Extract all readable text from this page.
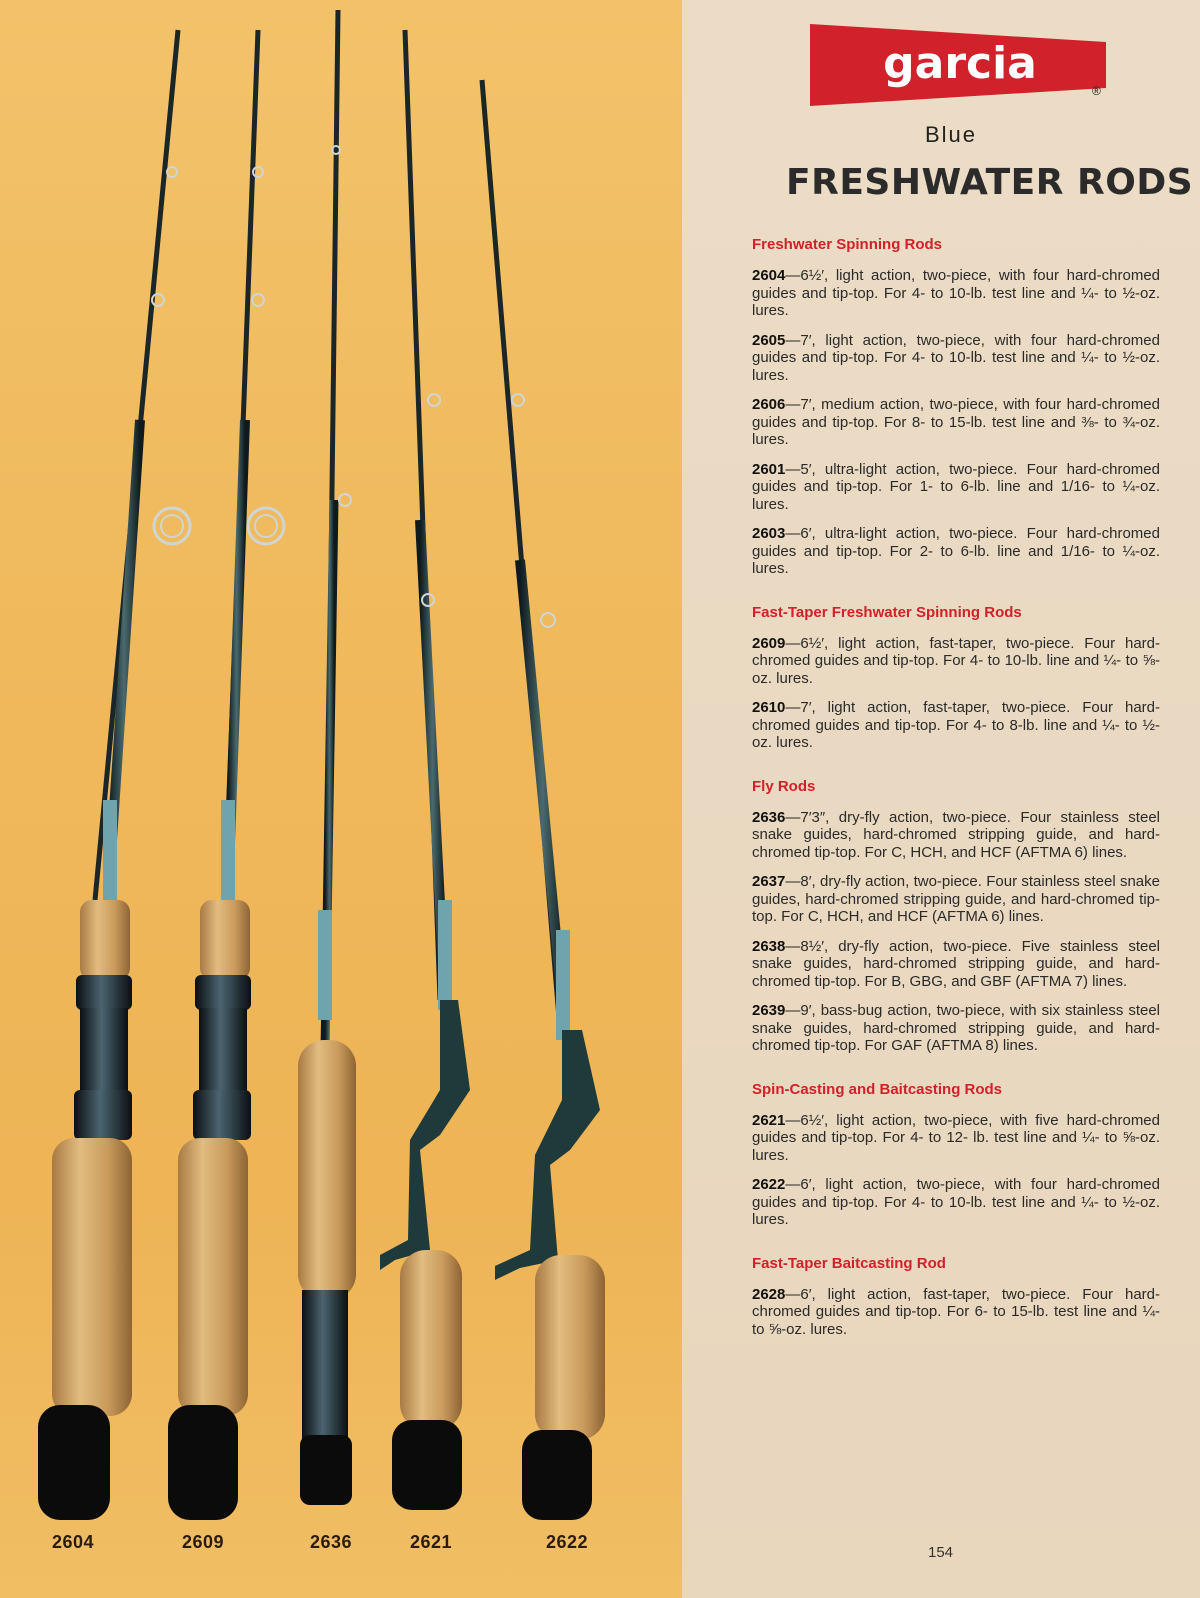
2604	2609	2636	2621	2622
garcia
®
Blue
FRESHWATER RODS
Freshwater Spinning Rods

2604—6½′, light action, two-piece, with four hard-chromed guides and tip-top. For 4- to 10-lb. test line and ¼- to ½-oz. lures.

2605—7′, light action, two-piece, with four hard-chromed guides and tip-top. For 4- to 10-lb. test line and ¼- to ½-oz. lures.

2606—7′, medium action, two-piece, with four hard-chromed guides and tip-top. For 8- to 15-lb. test line and ⅜- to ¾-oz. lures.

2601—5′, ultra-light action, two-piece. Four hard-chromed guides and tip-top. For 1- to 6-lb. line and 1/16- to ¼-oz. lures.

2603—6′, ultra-light action, two-piece. Four hard-chromed guides and tip-top. For 2- to 6-lb. line and 1/16- to ¼-oz. lures.

Fast-Taper Freshwater Spinning Rods

2609—6½′, light action, fast-taper, two-piece. Four hard-chromed guides and tip-top. For 4- to 10-lb. line and ¼- to ⅝-oz. lures.

2610—7′, light action, fast-taper, two-piece. Four hard-chromed guides and tip-top. For 4- to 8-lb. line and ¼- to ½-oz. lures.

Fly Rods

2636—7′3″, dry-fly action, two-piece. Four stainless steel snake guides, hard-chromed stripping guide, and hard-chromed tip-top. For C, HCH, and HCF (AFTMA 6) lines.

2637—8′, dry-fly action, two-piece. Four stainless steel snake guides, hard-chromed stripping guide, and hard-chromed tip-top. For C, HCH, and HCF (AFTMA 6) lines.

2638—8½′, dry-fly action, two-piece. Five stainless steel snake guides, hard-chromed stripping guide, and hard-chromed tip-top. For B, GBG, and GBF (AFTMA 7) lines.

2639—9′, bass-bug action, two-piece, with six stainless steel snake guides, hard-chromed stripping guide, and hard-chromed tip-top. For GAF (AFTMA 8) lines.

Spin-Casting and Baitcasting Rods

2621—6½′, light action, two-piece, with five hard-chromed guides and tip-top. For 4- to 12- lb. test line and ¼- to ⅝-oz. lures.

2622—6′, light action, two-piece, with four hard-chromed guides and tip-top. For 4- to 10-lb. test line and ¼- to ½-oz. lures.

Fast-Taper Baitcasting Rod

2628—6′, light action, fast-taper, two-piece. Four hard-chromed guides and tip-top. For 6- to 15-lb. test line and ¼- to ⅝-oz. lures.

154
